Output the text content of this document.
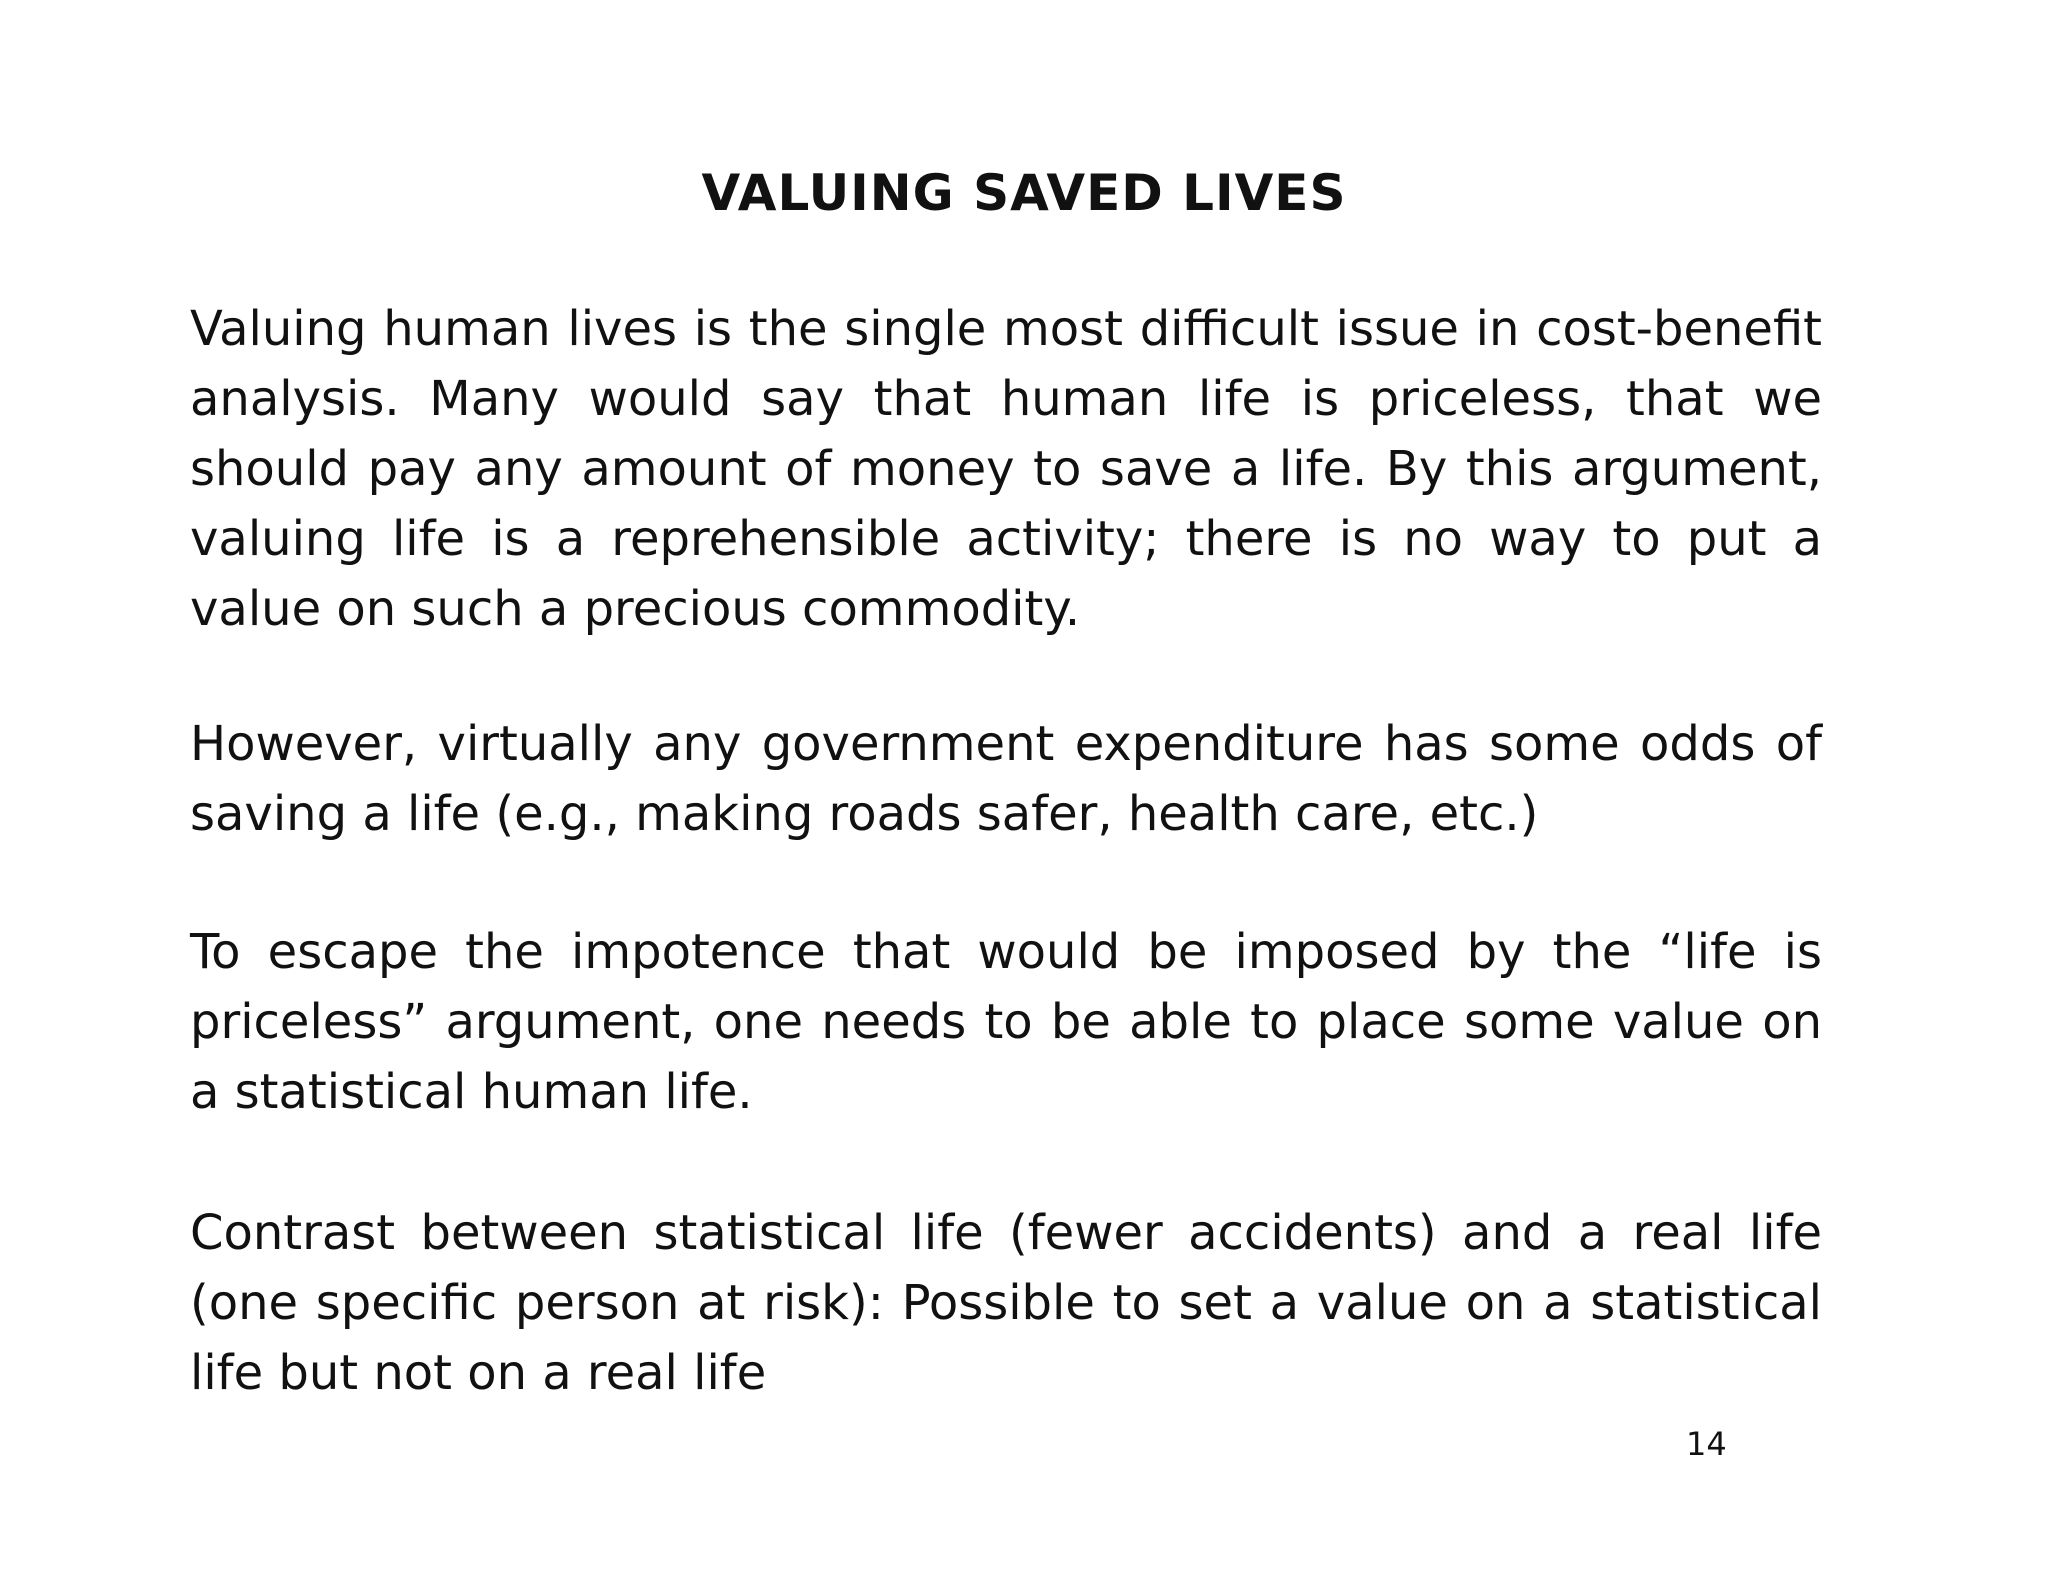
VALUING SAVED LIVES

Valuing human lives is the single most difficult issue in cost-benefit analysis. Many would say that human life is priceless, that we should pay any amount of money to save a life. By this argument, valuing life is a reprehensible activity; there is no way to put a value on such a precious commodity.

However, virtually any government expenditure has some odds of saving a life (e.g., making roads safer, health care, etc.)

To escape the impotence that would be imposed by the “life is priceless” argument, one needs to be able to place some value on a statistical human life.

Contrast between statistical life (fewer accidents) and a real life (one specific person at risk): Possible to set a value on a statistical life but not on a real life

14
